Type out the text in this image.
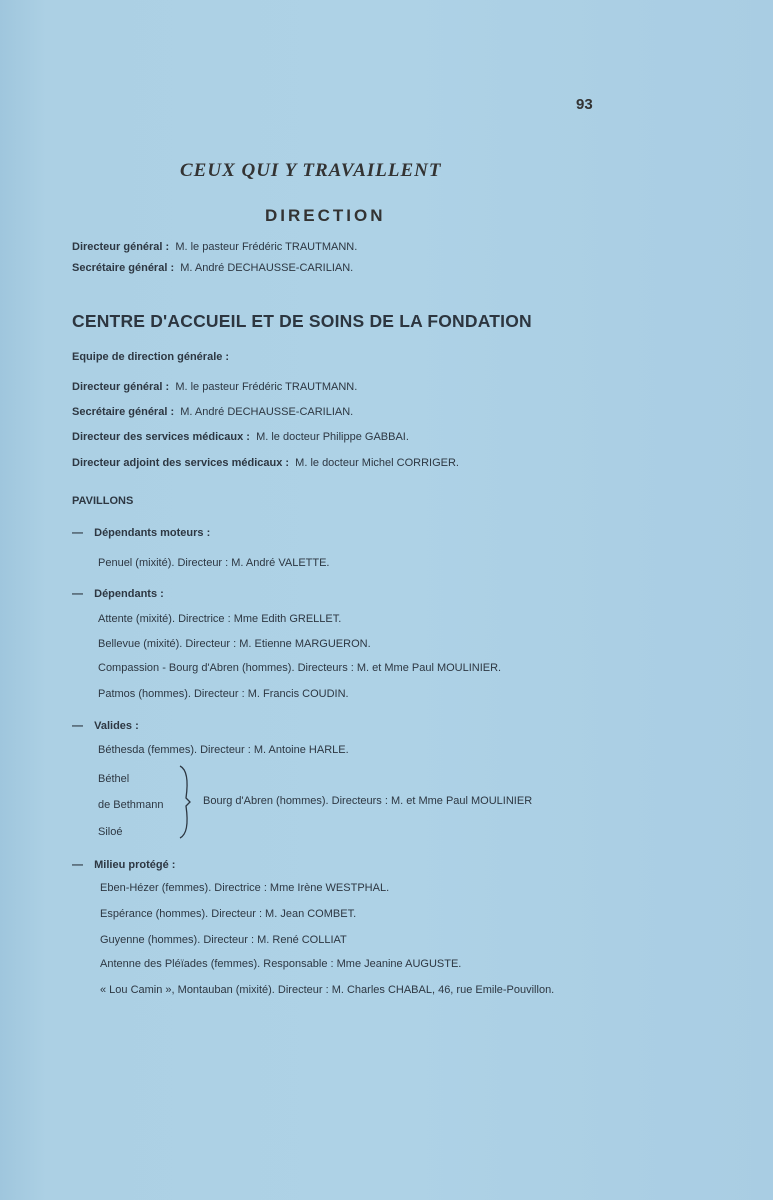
93
CEUX QUI Y TRAVAILLENT
DIRECTION
Directeur général : M. le pasteur Frédéric TRAUTMANN.
Secrétaire général : M. André DECHAUSSE-CARILIAN.
CENTRE D'ACCUEIL ET DE SOINS DE LA FONDATION
Equipe de direction générale :
Directeur général : M. le pasteur Frédéric TRAUTMANN.
Secrétaire général : M. André DECHAUSSE-CARILIAN.
Directeur des services médicaux : M. le docteur Philippe GABBAI.
Directeur adjoint des services médicaux : M. le docteur Michel CORRIGER.
PAVILLONS
— Dépendants moteurs :
Penuel (mixité). Directeur : M. André VALETTE.
— Dépendants :
Attente (mixité). Directrice : Mme Edith GRELLET.
Bellevue (mixité). Directeur : M. Etienne MARGUERON.
Compassion - Bourg d'Abren (hommes). Directeurs : M. et Mme Paul MOULINIER.
Patmos (hommes). Directeur : M. Francis COUDIN.
— Valides :
Béthesda (femmes). Directeur : M. Antoine HARLE.
Béthel
de Bethmann
Siloé
Bourg d'Abren (hommes). Directeurs : M. et Mme Paul MOULINIER
— Milieu protégé :
Eben-Hézer (femmes). Directrice : Mme Irène WESTPHAL.
Espérance (hommes). Directeur : M. Jean COMBET.
Guyenne (hommes). Directeur : M. René COLLIAT
Antenne des Pléïades (femmes). Responsable : Mme Jeanine AUGUSTE.
« Lou Camin », Montauban (mixité). Directeur : M. Charles CHABAL, 46, rue Emile-Pouvillon.
